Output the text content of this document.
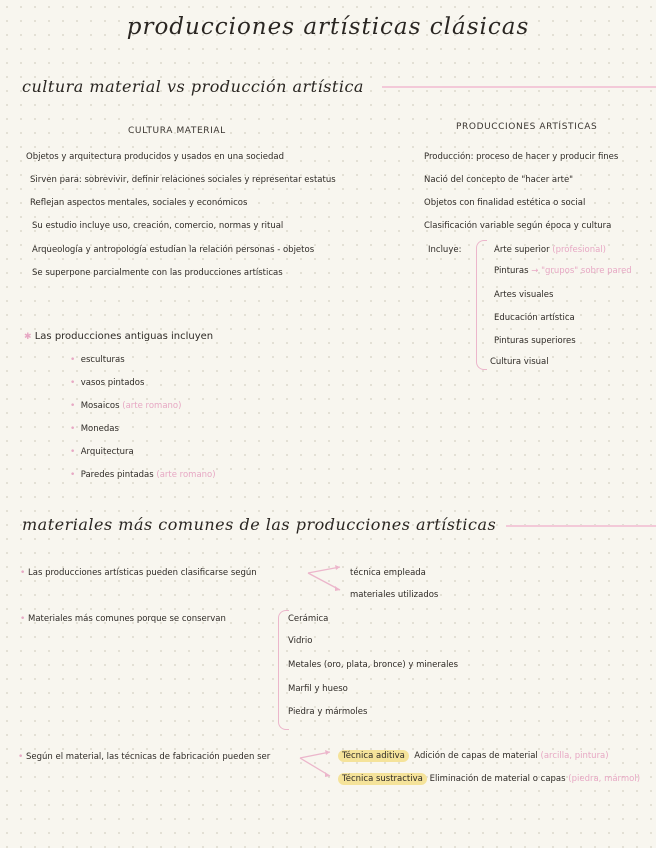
producciones artísticas clásicas
cultura material vs producción artística
CULTURA MATERIAL
Objetos y arquitectura producidos y usados en una sociedad
Sirven para: sobrevivir, definir relaciones sociales y representar estatus
Reflejan aspectos mentales, sociales y económicos
Su estudio incluye uso, creación, comercio, normas y ritual
Arqueología y antropología estudian la relación personas - objetos
Se superpone parcialmente con las producciones artísticas
PRODUCCIONES ARTÍSTICAS
Producción: proceso de hacer y producir fines
Nació del concepto de "hacer arte"
Objetos con finalidad estética o social
Clasificación variable según época y cultura
Incluye:	Arte superior (profesional)
Pinturas → "grupos" sobre pared
Artes visuales
Educación artística
Pinturas superiores
Cultura visual
✱ Las producciones antiguas incluyen
• esculturas
• vasos pintados
• Mosaicos (arte romano)
• Monedas
• Arquitectura
• Paredes pintadas (arte romano)
materiales más comunes de las producciones artísticas
• Las producciones artísticas pueden clasificarse según	técnica empleada
materiales utilizados
• Materiales más comunes porque se conservan	Cerámica
Vidrio
Metales (oro, plata, bronce) y minerales
Marfil y hueso
Piedra y mármoles
• Según el material, las técnicas de fabricación pueden ser	Técnica aditiva Adición de capas de material (arcilla, pintura)
Técnica sustractiva Eliminación de material o capas (piedra, mármol)
